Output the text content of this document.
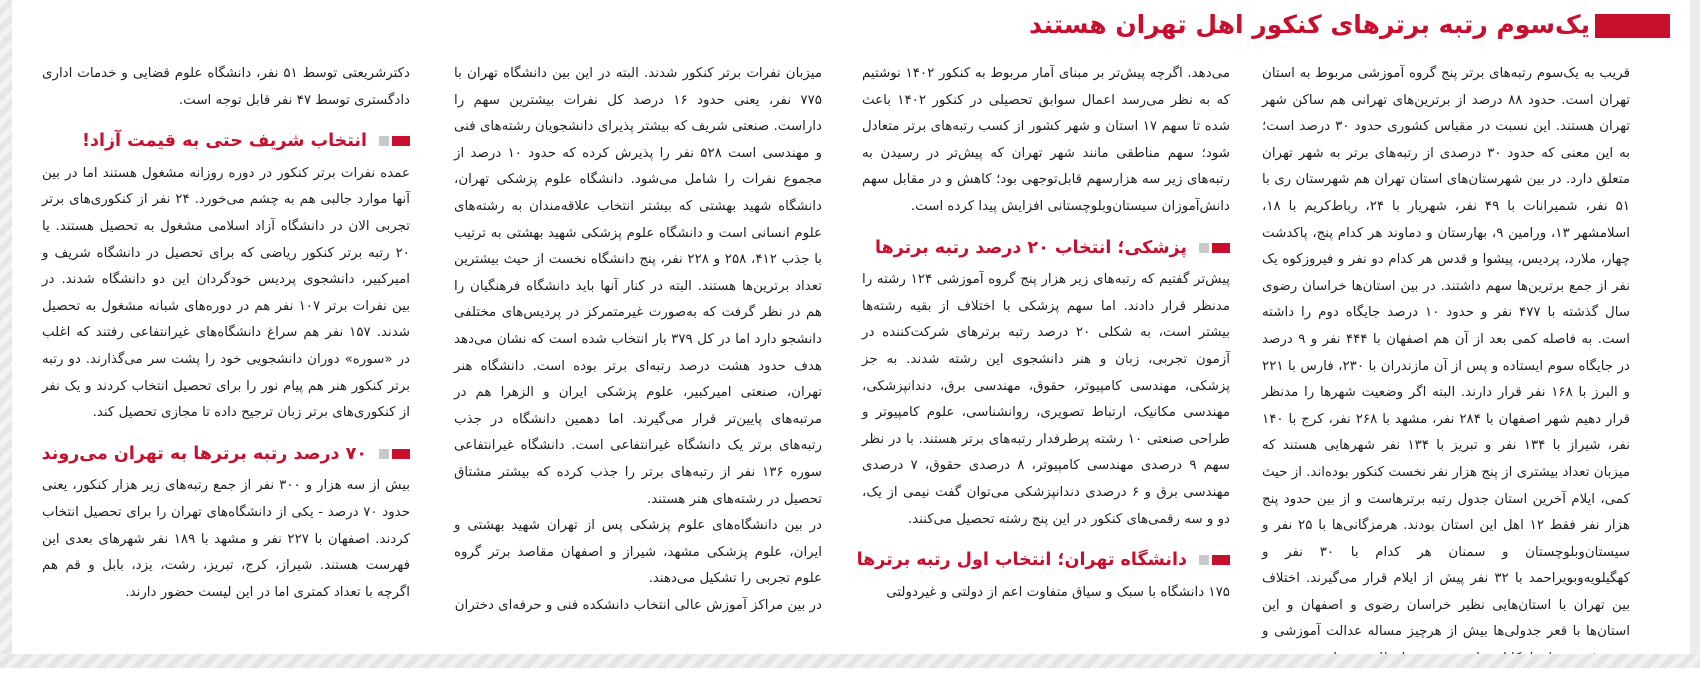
یک‌سوم رتبه برترهای کنکور اهل تهران هستند

قریب به یک‌سوم رتبه‌های برتر پنج گروه آموزشی مربوط به استان تهران است. حدود ۸۸ درصد از برترین‌های تهرانی هم ساکن شهر تهران هستند. این نسبت در مقیاس کشوری حدود ۳۰ درصد است؛ به این معنی که حدود ۳۰ درصدی از رتبه‌های برتر به شهر تهران متعلق دارد. در بین شهرستان‌های استان تهران هم شهرستان ری با ۵۱ نفر، شمیرانات با ۴۹ نفر، شهریار با ۲۴، رباط‌کریم با ۱۸، اسلامشهر ۱۳، ورامین ۹، بهارستان و دماوند هر کدام پنج، پاکدشت چهار، ملارد، پردیس، پیشوا و قدس هر کدام دو نفر و فیروزکوه یک نفر از جمع برترین‌ها سهم داشتند. در بین استان‌ها خراسان رضوی سال گذشته با ۴۷۷ نفر و حدود ۱۰ درصد جایگاه دوم را داشته است. به فاصله کمی بعد از آن هم اصفهان با ۴۴۴ نفر و ۹ درصد در جایگاه سوم ایستاده و پس از آن مازندران با ۲۳۰، فارس با ۲۲۱ و البرز با ۱۶۸ نفر قرار دارند. البته اگر وضعیت شهرها را مدنظر قرار دهیم شهر اصفهان با ۲۸۴ نفر، مشهد با ۲۶۸ نفر، کرج با ۱۴۰ نفر، شیراز با ۱۳۴ نفر و تبریز با ۱۳۴ نفر شهرهایی هستند که میزبان تعداد بیشتری از پنج هزار نفر نخست کنکور بوده‌اند. از حیث کمی، ایلام آخرین استان جدول رتبه برترهاست و از بین حدود پنج هزار نفر فقط ۱۲ اهل این استان بودند. هرمزگانی‌ها با ۲۵ نفر و سیستان‌وبلوچستان و سمنان هر کدام با ۳۰ نفر و کهگیلویه‌وبویراحمد با ۳۲ نفر پیش از ایلام قرار می‌گیرند. اختلاف بین تهران با استان‌هایی نظیر خراسان رضوی و اصفهان و این استان‌ها با قعر جدولی‌ها بیش از هرچیز مساله عدالت آموزشی و

می‌دهد. اگرچه پیش‌تر بر مبنای آمار مربوط به کنکور ۱۴۰۲ نوشتیم که به نظر می‌رسد اعمال سوابق تحصیلی در کنکور ۱۴۰۲ باعث شده تا سهم ۱۷ استان و شهر کشور از کسب رتبه‌های برتر متعادل شود؛ سهم مناطقی مانند شهر تهران که پیش‌تر در رسیدن به رتبه‌های زیر سه هزارسهم قابل‌توجهی بود؛ کاهش و در مقابل سهم دانش‌آموزان سیستان‌وبلوچستانی افزایش پیدا کرده است.

پزشکی؛ انتخاب ۲۰ درصد رتبه برترها

پیش‌تر گفتیم که رتبه‌های زیر هزار پنج گروه آموزشی ۱۲۴ رشته را مدنظر قرار دادند. اما سهم پزشکی با اختلاف از بقیه رشته‌ها بیشتر است، به شکلی ۲۰ درصد رتبه برترهای شرکت‌کننده در آزمون تجربی، زبان و هنر دانشجوی این رشته شدند. به جز پزشکی، مهندسی کامپیوتر، حقوق، مهندسی برق، دندانپزشکی، مهندسی مکانیک، ارتباط تصویری، روانشناسی، علوم کامپیوتر و طراحی صنعتی ۱۰ رشته پرطرفدار رتبه‌های برتر هستند. با در نظر سهم ۹ درصدی مهندسی کامپیوتر، ۸ درصدی حقوق، ۷ درصدی مهندسی برق و ۶ درصدی دندانپزشکی می‌توان گفت نیمی از یک، دو و سه رقمی‌های کنکور در این پنج رشته تحصیل می‌کنند.

دانشگاه تهران؛ انتخاب اول رتبه برترها

۱۷۵ دانشگاه با سبک و سیاق متفاوت اعم از دولتی و غیردولتی

میزبان نفرات برتر کنکور شدند. البته در این بین دانشگاه تهران با ۷۷۵ نفر، یعنی حدود ۱۶ درصد کل نفرات بیشترین سهم را داراست. صنعتی شریف که بیشتر پذیرای دانشجویان رشته‌های فنی و مهندسی است ۵۲۸ نفر را پذیرش کرده که حدود ۱۰ درصد از مجموع نفرات را شامل می‌شود. دانشگاه علوم پزشکی تهران، دانشگاه شهید بهشتی که بیشتر انتخاب علاقه‌مندان به رشته‌های علوم انسانی است و دانشگاه علوم پزشکی شهید بهشتی به ترتیب با جذب ۴۱۲، ۲۵۸ و ۲۲۸ نفر، پنج دانشگاه نخست از حیث بیشترین تعداد برترین‌ها هستند. البته در کنار آنها باید دانشگاه فرهنگیان را هم در نظر گرفت که به‌صورت غیرمتمرکز در پردیس‌های مختلفی دانشجو دارد اما در کل ۳۷۹ بار انتخاب شده است که نشان می‌دهد هدف حدود هشت درصد رتبه‌ای برتر بوده است. دانشگاه هنر تهران، صنعتی امیرکبیر، علوم پزشکی ایران و الزهرا هم در مرتبه‌های پایین‌تر قرار می‌گیرند. اما دهمین دانشگاه در جذب رتبه‌های برتر یک دانشگاه غیرانتفاعی است. دانشگاه غیرانتفاعی سوره ۱۳۶ نفر از رتبه‌های برتر را جذب کرده که بیشتر مشتاق تحصیل در رشته‌های هنر هستند.

در بین دانشگاه‌های علوم پزشکی پس از تهران شهید بهشتی و ایران، علوم پزشکی مشهد، شیراز و اصفهان مقاصد برتر گروه علوم تجربی را تشکیل می‌دهند.

در بین مراکز آموزش عالی انتخاب دانشکده فنی و حرفه‌ای دختران

دکترشریعتی توسط ۵۱ نفر، دانشگاه علوم قضایی و خدمات اداری دادگستری توسط ۴۷ نفر قابل توجه است.

انتخاب شریف حتی به قیمت آزاد!

عمده نفرات برتر کنکور در دوره روزانه مشغول هستند اما در بین آنها موارد جالبی هم به چشم می‌خورد. ۲۴ نفر از کنکوری‌های برتر تجربی الان در دانشگاه آزاد اسلامی مشغول به تحصیل هستند. یا ۲۰ رتبه برتر کنکور ریاضی که برای تحصیل در دانشگاه شریف و امیرکبیر، دانشجوی پردیس خودگردان این دو دانشگاه شدند. در بین نفرات برتر ۱۰۷ نفر هم در دوره‌های شبانه مشغول به تحصیل شدند. ۱۵۷ نفر هم سراغ دانشگاه‌های غیرانتفاعی رفتند که اغلب در «سوره» دوران دانشجویی خود را پشت سر می‌گذارند. دو رتبه برتر کنکور هنر هم پیام نور را برای تحصیل انتخاب کردند و یک نفر از کنکوری‌های برتر زبان ترجیح داده تا مجازی تحصیل کند.

۷۰ درصد رتبه برترها به تهران می‌روند

بیش از سه هزار و ۳۰۰ نفر از جمع رتبه‌های زیر هزار کنکور، یعنی حدود ۷۰ درصد - یکی از دانشگاه‌های تهران را برای تحصیل انتخاب کردند. اصفهان با ۲۲۷ نفر و مشهد با ۱۸۹ نفر شهرهای بعدی این فهرست هستند. شیراز، کرج، تبریز، رشت، یزد، بابل و قم هم اگرچه با تعداد کمتری اما در این لیست حضور دارند.
